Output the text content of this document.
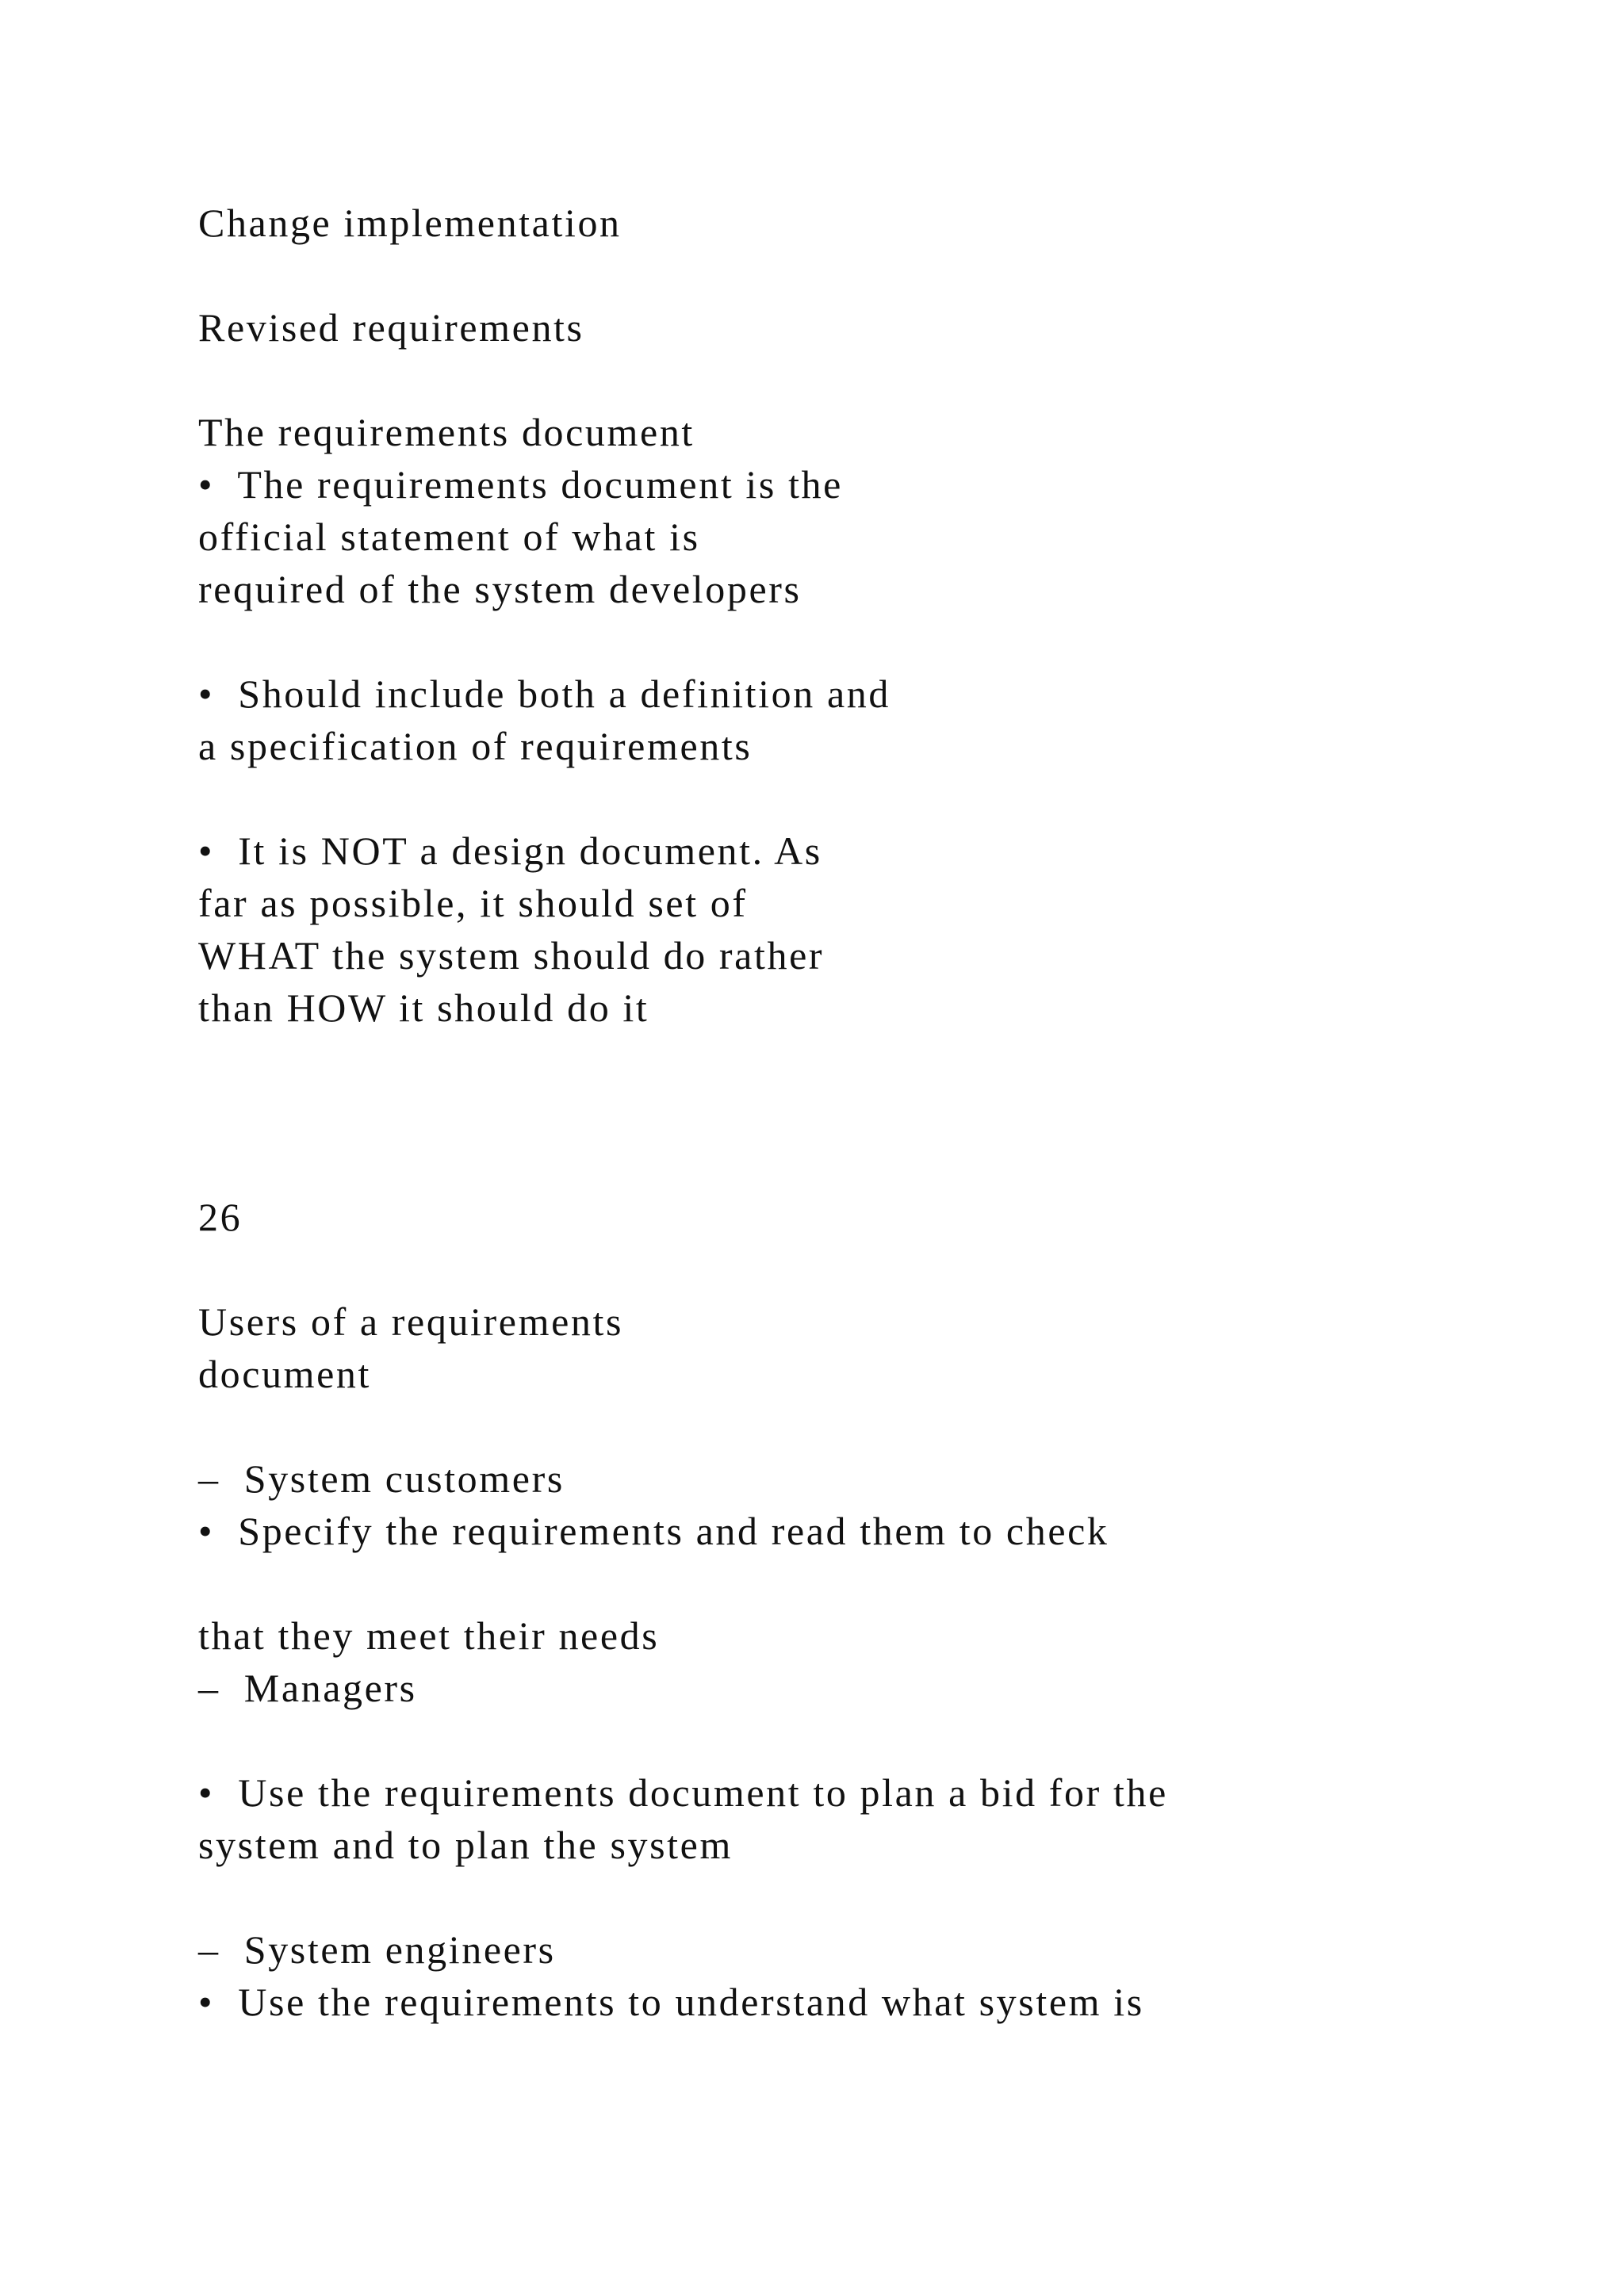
Change implementation

Revised requirements

The requirements document

•  The requirements document is the

official statement of what is

required of the system developers

•  Should include both a definition and

a specification of requirements

•  It is NOT a design document. As

far as possible, it should set of

WHAT the system should do rather

than HOW it should do it

26

Users of a requirements

document

–  System customers

•  Specify the requirements and read them to check

that they meet their needs

–  Managers

•  Use the requirements document to plan a bid for the

system and to plan the system

–  System engineers

•  Use the requirements to understand what system is
